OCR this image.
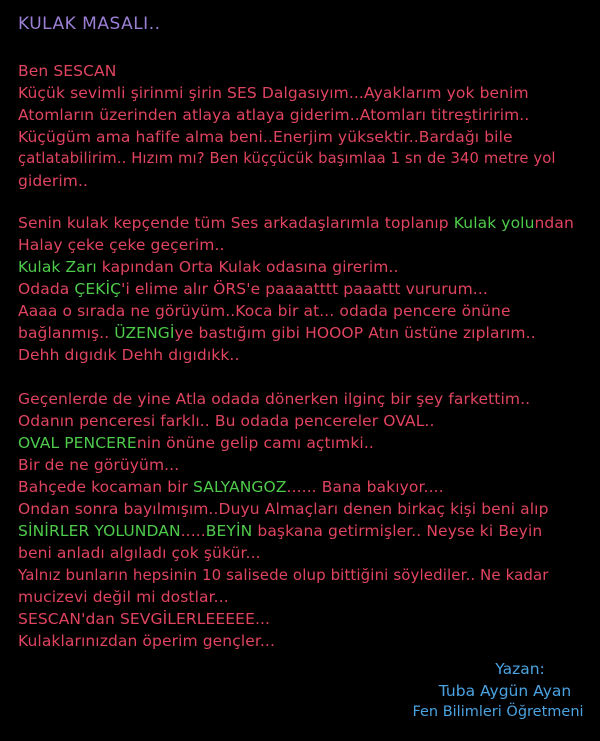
KULAK MASALI..
Ben SESCAN
Küçük sevimli şirinmi şirin SES Dalgasıyım...Ayaklarım yok benim
Atomların üzerinden atlaya atlaya giderim..Atomları titreştiririm..
Küçügüm ama hafife alma beni..Enerjim yüksektir..Bardağı bile
çatlatabilirim.. Hızım mı? Ben küççücük başımlaa 1 sn de 340 metre yol
giderim..
Senin kulak kepçende tüm Ses arkadaşlarımla toplanıp Kulak yolundan
Halay çeke çeke geçerim..
Kulak Zarı kapından Orta Kulak odasına girerim..
Odada ÇEKİÇ'i elime alır ÖRS'e paaaatttt paaattt vururum...
Aaaa o sırada ne görüyüm..Koca bir at... odada pencere önüne
bağlanmış.. ÜZENGİye bastığım gibi HOOOP Atın üstüne zıplarım..
Dehh dıgıdık Dehh dıgıdıkk..
Geçenlerde de yine Atla odada dönerken ilginç bir şey farkettim..
Odanın penceresi farklı.. Bu odada pencereler OVAL..
OVAL PENCEREnin önüne gelip camı açtımki..
Bir de ne görüyüm...
Bahçede kocaman bir SALYANGOZ...... Bana bakıyor....
Ondan sonra bayılmışım..Duyu Almaçları denen birkaç kişi beni alıp
SİNİRLER YOLUNDAN.....BEYİN başkana getirmişler.. Neyse ki Beyin
beni anladı algıladı çok şükür...
Yalnız bunların hepsinin 10 salisede olup bittiğini söylediler.. Ne kadar
mucizevi değil mi dostlar...
SESCAN'dan SEVGİLERLEEEEE...
Kulaklarınızdan öperim gençler...
Yazan:
Tuba Aygün Ayan
Fen Bilimleri Öğretmeni
